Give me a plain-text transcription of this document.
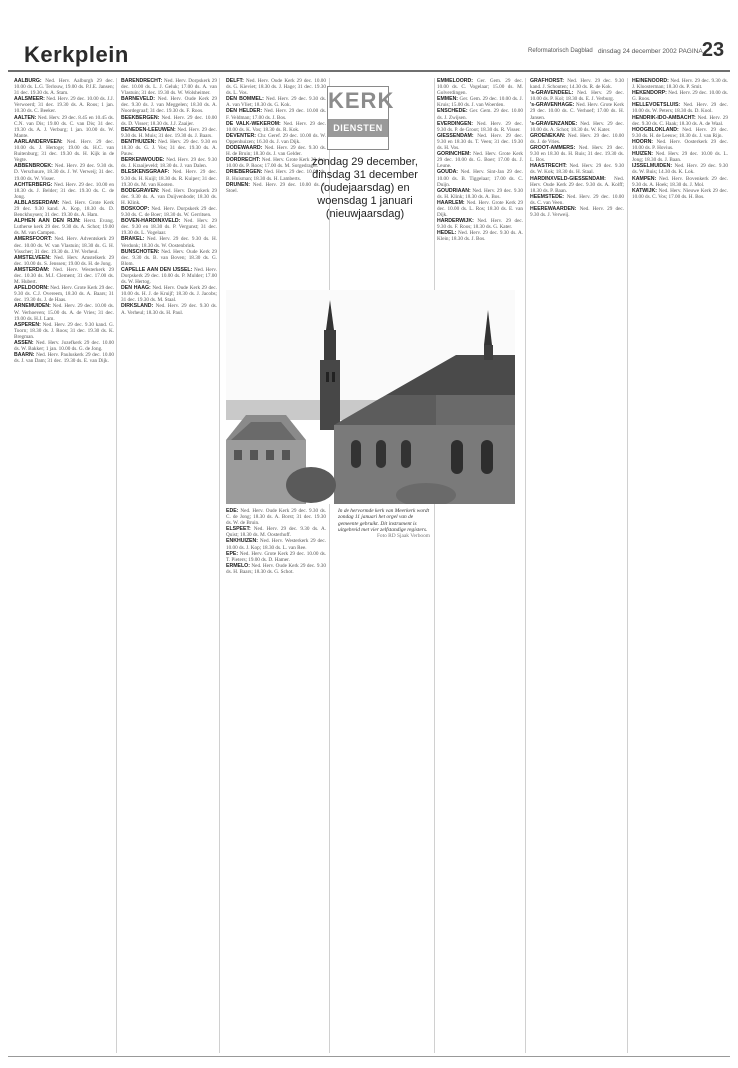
Kerkplein	Reformatorisch Dagblad dinsdag 24 december 2002 PAGINA 23

AALBURG: Ned. Herv. Aalburgh 29 dec. 10.00 ds. L.G. Terlouw, 19.00 ds. P.J.E. Jansen; 31 dec. 19.30 ds. A. Stam.

AALSMEER: Ned. Herv. 29 dec. 10.00 ds. J.J. Verwoerd; 31 dec. 19.30 ds. A. Roos; 1 jan. 10.30 ds. C. Beeker.

AALTEN: Ned. Herv. 29 dec. 8.45 en 10.45 ds. C.N. van Dis; 19.00 ds. C. van Dis; 31 dec. 19.30 ds. A. J. Verburg; 1 jan. 10.00 ds. W. Mante.

AARLANDERVEEN: Ned. Herv. 29 dec. 10.00 ds. J. Hertoge; 19.00 ds. H.C. van Ruitenburg; 31 dec. 19.30 ds. H. Kijk in de Vegte.

ABBENBROEK: Ned. Herv. 29 dec. 9.30 ds. D. Verschuure, 18.30 ds. J. W. Verweij; 31 dec. 19.00 ds. W. Visser.

ACHTERBERG: Ned. Herv. 29 dec. 10.00 en 18.30 ds. J. Belder; 31 dec. 19.30 ds. C. de Jong.

ALBLASSERDAM: Ned. Herv. Grote Kerk 29 dec. 9.30 kand. A. Kop, 18.30 ds. D. Benckhuysen; 31 dec. 19.30 ds. A. Ham.

ALPHEN AAN DEN RIJN: Herst. Evang. Lutherse kerk 29 dec. 9.30 ds. A. Schot; 19.00 ds. M. van Campen.

AMERSFOORT: Ned. Herv. Adventskerk 29 dec. 10.00 ds. W. van Vlastuin; 18.30 ds. G. H. Visscher; 31 dec. 19.30 ds. J.W. Verheul.

AMSTELVEEN: Ned. Herv. Amstelkerk 29 dec. 10.00 ds. S. Jenssen; 19.00 ds. H. de Jong.

AMSTERDAM: Ned. Herv. Westerkerk 29 dec. 10.30 ds. M.J. Clement; 31 dec. 17.00 ds. M. Hubert.

APELDOORN: Ned. Herv. Grote Kerk 29 dec. 9.30 ds. C.J. Overeem, 18.30 ds. A. Baars; 31 dec. 19.30 ds. J. de Haas.

ARNEMUIDEN: Ned. Herv. 29 dec. 10.00 ds. W. Verhoeven; 15.00 ds. A. de Vries; 31 dec. 19.00 ds. H.J. Lam.

ASPEREN: Ned. Herv. 29 dec. 9.30 kand. G. Toorn; 18.30 ds. J. Roos; 31 dec. 19.30 ds. K. Bregman.

ASSEN: Ned. Herv. Jozefkerk 29 dec. 10.00 ds. W. Bakker; 1 jan. 10.00 ds. G. de Jong.

BAARN: Ned. Herv. Pauluskerk 29 dec. 10.00 ds. J. van Dam; 31 dec. 19.30 ds. E. van Dijk.

BARENDRECHT: Ned. Herv. Dorpskerk 29 dec. 10.00 ds. L. J. Geluk; 17.00 ds. A. van Vlastuin; 31 dec. 19.30 ds. W. Wolsheimer.

BARNEVELD: Ned. Herv. Oude Kerk 29 dec. 9.30 ds. J. van Meggelen; 18.30 ds. A. Noordegraaf; 31 dec. 19.30 ds. F. Roos.

BEEKBERGEN: Ned. Herv. 29 dec. 10.00 ds. D. Visser; 18.30 ds. J.J. Zaaijer.

BENEDEN-LEEUWEN: Ned. Herv. 29 dec. 9.30 ds. H. Muis; 31 dec. 19.30 ds. J. Baars.

BENTHUIZEN: Ned. Herv. 29 dec. 9.30 en 18.30 ds. G. J. Vos; 31 dec. 19.30 ds. A. Pauw.

BERKENWOUDE: Ned. Herv. 29 dec. 9.30 ds. J. Kraaijeveld; 18.30 ds. J. van Dalen.

BLESKENSGRAAF: Ned. Herv. 29 dec. 9.30 ds. H. Kuijl; 18.30 ds. R. Kuiper; 31 dec. 19.30 ds. M. van Kooten.

BODEGRAVEN: Ned. Herv. Dorpskerk 29 dec. 9.30 ds. A. van Duijvenbode; 18.30 ds. H. Klink.

BOSKOOP: Ned. Herv. Dorpskerk 29 dec. 9.30 ds. C. de Boer; 18.30 ds. W. Gerritsen.

BOVEN-HARDINXVELD: Ned. Herv. 29 dec. 9.30 en 18.30 ds. P. Vergunst; 31 dec. 19.30 ds. L. Vogelaar.

BRAKEL: Ned. Herv. 29 dec. 9.30 ds. H. Verdonk; 18.30 ds. W. Oostenbrink.

BUNSCHOTEN: Ned. Herv. Oude Kerk 29 dec. 9.30 ds. B. van Boven; 18.30 ds. G. Blom.

CAPELLE AAN DEN IJSSEL: Ned. Herv. Dorpskerk 29 dec. 10.00 ds. P. Mulder; 17.00 ds. W. Hertog.

DEN HAAG: Ned. Herv. Oude Kerk 29 dec. 10.00 ds. H. J. de Kruijf; 18.30 ds. J. Jacobs; 31 dec. 19.30 ds. M. Staal.

DIRKSLAND: Ned. Herv. 29 dec. 9.30 ds. A. Verheul; 18.30 ds. H. Paul.

DELFT: Ned. Herv. Oude Kerk 29 dec. 10.00 ds. G. Kieviet; 18.30 ds. J. Hage; 31 dec. 19.30 ds. L. Vos.

DEN BOMMEL: Ned. Herv. 29 dec. 9.30 ds. A. van Vliet; 18.30 ds. G. Kok.

DEN HELDER: Ned. Herv. 29 dec. 10.00 ds. F. Veldman; 17.00 ds. J. Bos.

DE VALK-WEKEROM: Ned. Herv. 29 dec. 10.00 ds. K. Vos; 18.30 ds. R. Kok.

DEVENTER: Chr. Geref. 29 dec. 10.00 ds. W. Oppenhuizen; 16.30 ds. J. van Dijk.

DODEWAARD: Ned. Herv. 29 dec. 9.30 ds. H. de Bruin; 18.30 ds. J. van Gelder.

DORDRECHT: Ned. Herv. Grote Kerk 29 dec. 10.00 ds. P. Roos; 17.00 ds. M. Sorgedrager.

DRIEBERGEN: Ned. Herv. 29 dec. 10.00 ds. B. Huisman; 18.30 ds. H. Lamberts.

DRUNEN: Ned. Herv. 29 dec. 10.00 ds. J. Stoel.

EDE: Ned. Herv. Oude Kerk 29 dec. 9.30 ds. C. de Jong; 18.30 ds. A. Borst; 31 dec. 19.30 ds. W. de Bruin.

ELSPEET: Ned. Herv. 29 dec. 9.30 ds. A. Quist; 18.30 ds. M. Oosterhoff.

ENKHUIZEN: Ned. Herv. Westerkerk 29 dec. 10.00 ds. J. Kop; 18.30 ds. L. van Ree.

EPE: Ned. Herv. Grote Kerk 29 dec. 10.00 ds. T. Pieters; 19.00 ds. D. Hamer.

ERMELO: Ned. Herv. Oude Kerk 29 dec. 9.30 ds. H. Baars; 18.30 ds. G. Schot.

EMMELOORD: Ger. Gem. 29 dec. 10.00 ds. C. Vogelaar; 15.00 ds. M. Golverdingen.

EMMEN: Ger. Gem. 29 dec. 10.00 ds. J. Kruis; 15.00 ds. J. van Woerden.

ENSCHEDE: Ger. Gem. 29 dec. 10.00 ds. J. Zwijsen.

EVERDINGEN: Ned. Herv. 29 dec. 9.30 ds. P. de Groot; 18.30 ds. R. Visser.

GIESSENDAM: Ned. Herv. 29 dec. 9.30 en 18.30 ds. T. Veen; 31 dec. 19.30 ds. H. Vos.

GORINCHEM: Ned. Herv. Grote Kerk 29 dec. 10.00 ds. G. Boer; 17.00 ds. J. Leune.

GOUDA: Ned. Herv. Sint-Jan 29 dec. 10.00 ds. B. Tiggelaar; 17.00 ds. C. Duijn.

GOUDRIAAN: Ned. Herv. 29 dec. 9.30 ds. H. Klink; 18.30 ds. A. Bos.

HAARLEM: Ned. Herv. Grote Kerk 29 dec. 10.00 ds. L. Ros; 18.30 ds. E. van Dijk.

HARDERWIJK: Ned. Herv. 29 dec. 9.30 ds. F. Roos; 18.30 ds. G. Kater.

HEDEL: Ned. Herv. 29 dec. 9.30 ds. A. Klein; 18.30 ds. J. Bos.

GRAFHORST: Ned. Herv. 29 dec. 9.30 kand. J. Schouten; 14.30 ds. R. de Kok.

's-GRAVENDEEL: Ned. Herv. 29 dec. 10.00 ds. P. Kol; 18.30 ds. E. J. Verburg.

's-GRAVENHAGE: Ned. Herv. Grote Kerk 29 dec. 10.00 ds. C. Verhoef; 17.00 ds. H. Jansen.

's-GRAVENZANDE: Ned. Herv. 29 dec. 10.00 ds. A. Schot; 18.30 ds. W. Kater.

GROENEKAN: Ned. Herv. 29 dec. 10.00 ds. J. de Vries.

GROOT-AMMERS: Ned. Herv. 29 dec. 9.30 en 18.30 ds. H. Ruis; 31 dec. 19.30 ds. L. Bos.

HAASTRECHT: Ned. Herv. 29 dec. 9.30 ds. W. Kok; 18.30 ds. H. Staal.

HARDINXVELD-GIESSENDAM: Ned. Herv. Oude Kerk 29 dec. 9.30 ds. A. Kolff; 18.30 ds. P. Baan.

HEEMSTEDE: Ned. Herv. 29 dec. 10.00 ds. C. van Veen.

HEEREWAARDEN: Ned. Herv. 29 dec. 9.30 ds. J. Verweij.

HEINENOORD: Ned. Herv. 29 dec. 9.30 ds. J. Kloosterman; 18.30 ds. P. Smit.

HEKENDORP: Ned. Herv. 29 dec. 10.00 ds. G. Roos.

HELLEVOETSLUIS: Ned. Herv. 29 dec. 10.00 ds. W. Peters; 18.30 ds. D. Kool.

HENDRIK-IDO-AMBACHT: Ned. Herv. 29 dec. 9.30 ds. C. Haak; 18.30 ds. A. de Waal.

HOOGBLOKLAND: Ned. Herv. 29 dec. 9.30 ds. H. de Leeuw; 18.30 ds. J. van Rijn.

HOORN: Ned. Herv. Oosterkerk 29 dec. 10.00 ds. P. Hovius.

HUIZEN: Ned. Herv. 29 dec. 10.00 ds. L. Jong; 18.30 ds. J. Baan.

IJSSELMUIDEN: Ned. Herv. 29 dec. 9.30 ds. W. Buis; 14.30 ds. K. Lok.

KAMPEN: Ned. Herv. Bovenkerk 29 dec. 9.30 ds. A. Hoek; 18.30 ds. J. Mol.

KATWIJK: Ned. Herv. Nieuwe Kerk 29 dec. 10.00 ds. C. Vos; 17.00 ds. H. Bos.

KERK
DIENSTEN
zondag 29 december, dinsdag 31 december (oudejaarsdag) en woensdag 1 januari (nieuwjaarsdag)
In de hervormde kerk van Meerkerk wordt zondag 11 januari het orgel van de gemeente gebruikt. Dit instrument is uitgebreid met vier zelfstandige registers.
Foto RD Sjaak Verboom
